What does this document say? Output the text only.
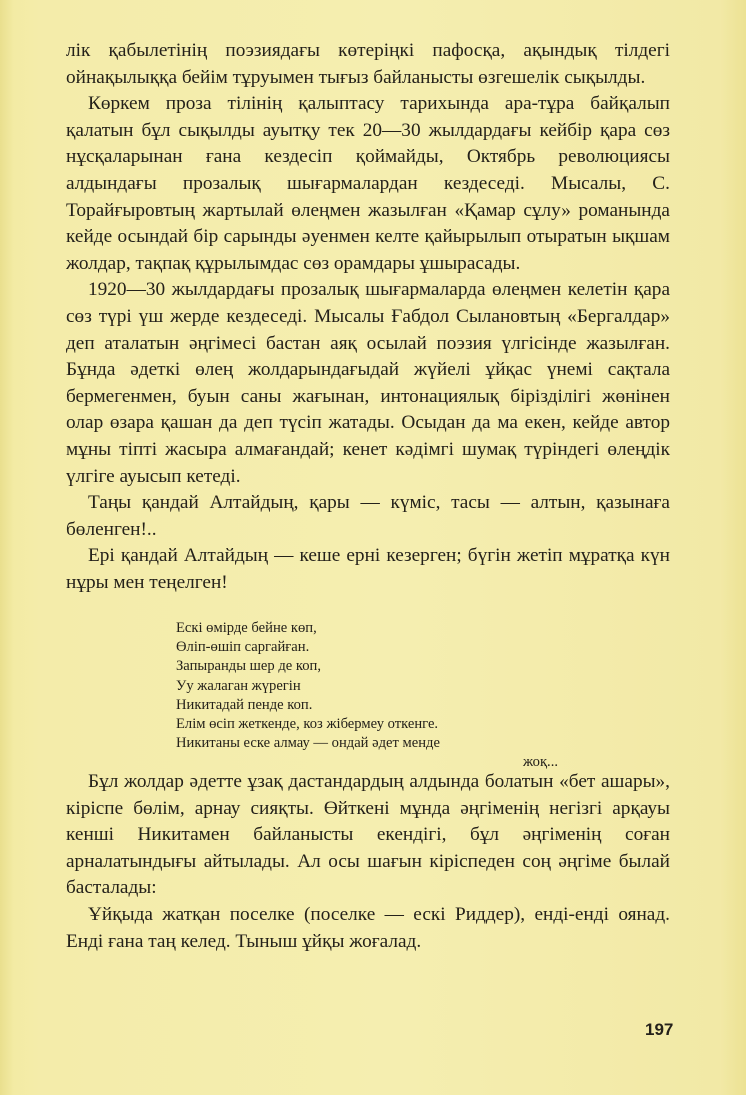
лік қабылетінің поэзиядағы көтеріңкі пафосқа, ақындық тілдегі ойнақылыққа бейім тұруымен тығыз байланысты өзгешелік сықылды.

Көркем проза тілінің қалыптасу тарихында ара-тұра байқалып қалатын бұл сықылды ауытқу тек 20—30 жылдардағы кейбір қара сөз нұсқаларынан ғана кездесіп қоймайды, Октябрь революциясы алдындағы прозалық шығармалардан кездеседі. Мысалы, С. Торайғыровтың жартылай өлеңмен жазылған «Қамар сұлу» романында кейде осындай бір сарынды әуенмен келте қайырылып отыратын ықшам жолдар, тақпақ құрылымдас сөз орамдары ұшырасады.

1920—30 жылдардағы прозалық шығармаларда өлеңмен келетін қара сөз түрі үш жерде кездеседі. Мысалы Ғабдол Сылановтың «Бергалдар» деп аталатын әңгімесі бастан аяқ осылай поэзия үлгісінде жазылған. Бұнда әдеткі өлең жолдарындағыдай жүйелі ұйқас үнемі сақтала бермегенмен, буын саны жағынан, интонациялық бірізділігі жөнінен олар өзара қашан да деп түсіп жатады. Осыдан да ма екен, кейде автор мұны тіпті жасыра алмағандай; кенет кәдімгі шумақ түріндегі өлеңдік үлгіге ауысып кетеді.

Таңы қандай Алтайдың, қары — күміс, тасы — алтын, қазынаға бөленген!..

Ері қандай Алтайдың — кеше ерні кезерген; бүгін жетіп мұратқа күн нұры мен теңелген!

Ескі өмірде бейне көп,
Өліп-өшіп саргайған.
Запыранды шер де коп,
Уу жалаган жүрегін
Никитадай пенде коп.
Елім өсіп жеткенде, коз жібермеу откенге.
Никитаны еске алмау — ондай әдет менде
жоқ...

Бұл жолдар әдетте ұзақ дастандардың алдында болатын «бет ашары», кіріспе бөлім, арнау сияқты. Өйткені мұнда әңгіменің негізгі арқауы кенші Никитамен байланысты екендігі, бұл әңгіменің соған арналатындығы айтылады. Ал осы шағын кіріспеден соң әңгіме былай басталады:

Ұйқыда жатқан поселке (поселке — ескі Риддер), енді-енді оянад. Енді ғана таң келед. Тыныш ұйқы жоғалад.

197
